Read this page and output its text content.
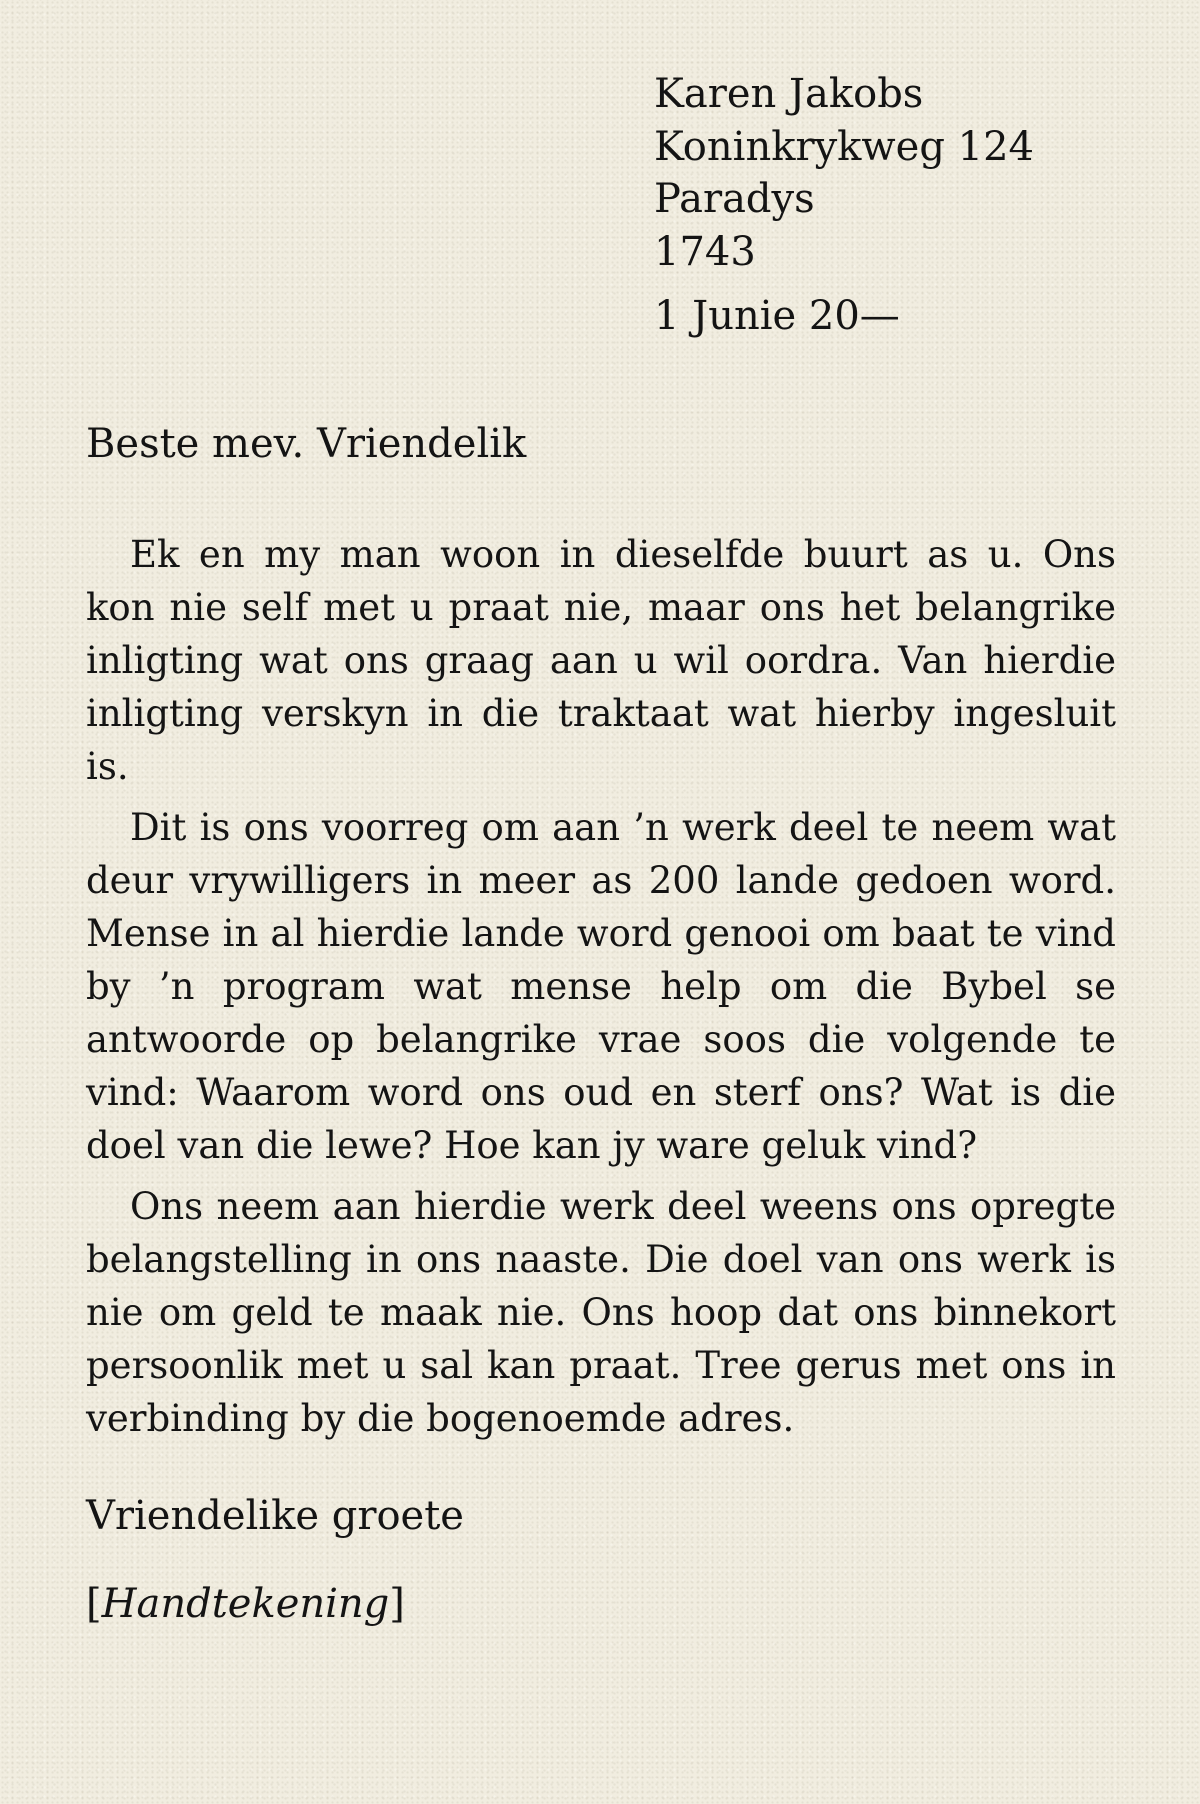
Karen Jakobs
Koninkrykweg 124
Paradys
1743
1 Junie 20—
Beste mev. Vriendelik

Ek en my man woon in dieselfde buurt as u. Ons kon nie self met u praat nie, maar ons het belangrike inligting wat ons graag aan u wil oordra. Van hierdie inligting verskyn in die traktaat wat hierby ingesluit is.

Dit is ons voorreg om aan ’n werk deel te neem wat deur vrywilligers in meer as 200 lande gedoen word. Mense in al hierdie lande word genooi om baat te vind by ’n program wat mense help om die Bybel se antwoorde op belangrike vrae soos die volgende te vind: Waarom word ons oud en sterf ons? Wat is die doel van die lewe? Hoe kan jy ware geluk vind?

Ons neem aan hierdie werk deel weens ons opregte belangstelling in ons naaste. Die doel van ons werk is nie om geld te maak nie. Ons hoop dat ons binnekort persoonlik met u sal kan praat. Tree gerus met ons in verbinding by die bogenoemde adres.

Vriendelike groete
[Handtekening]
